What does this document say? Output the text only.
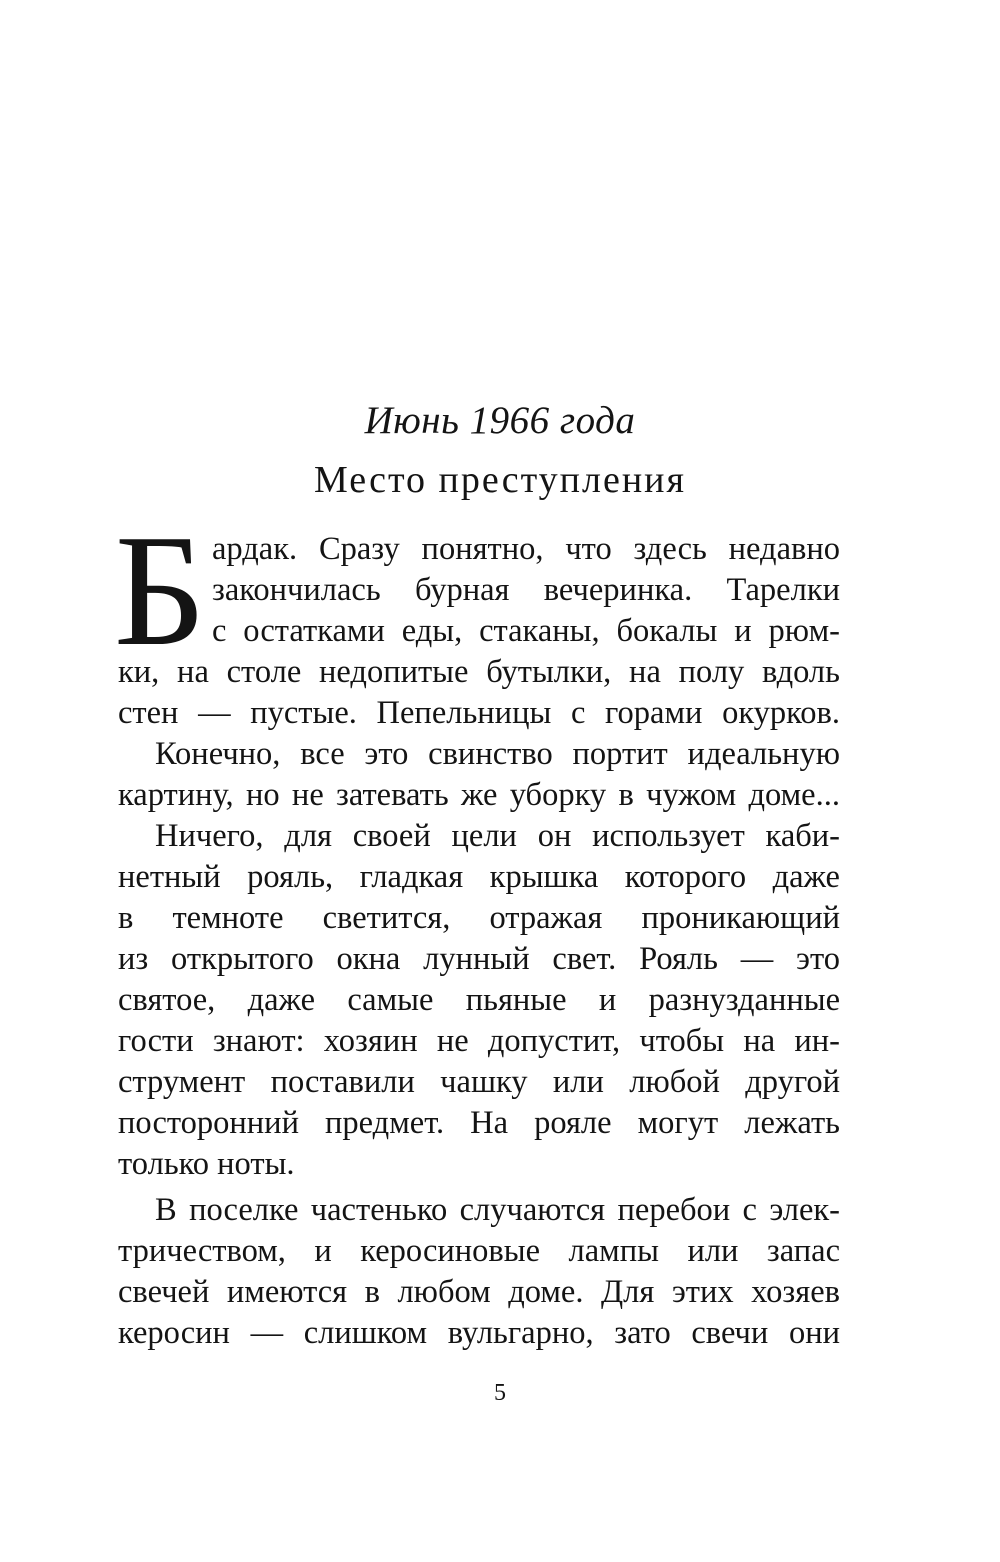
Июнь 1966 года

Место преступления
Б ардак. Сразу понятно, что здесь недавно
закончилась бурная вечеринка. Тарелки
с остатками еды, стаканы, бокалы и рюм-
ки, на столе недопитые бутылки, на полу вдоль
стен — пустые. Пепельницы с горами окурков.
Конечно, все это свинство портит идеальную
картину, но не затевать же уборку в чужом доме...
Ничего, для своей цели он использует каби-
нетный рояль, гладкая крышка которого даже
в темноте светится, отражая проникающий
из открытого окна лунный свет. Рояль — это
святое, даже самые пьяные и разнузданные
гости знают: хозяин не допустит, чтобы на ин-
струмент поставили чашку или любой другой
посторонний предмет. На рояле могут лежать
только ноты.
В поселке частенько случаются перебои с элек-
тричеством, и керосиновые лампы или запас
свечей имеются в любом доме. Для этих хозяев
керосин — слишком вульгарно, зато свечи они
5
